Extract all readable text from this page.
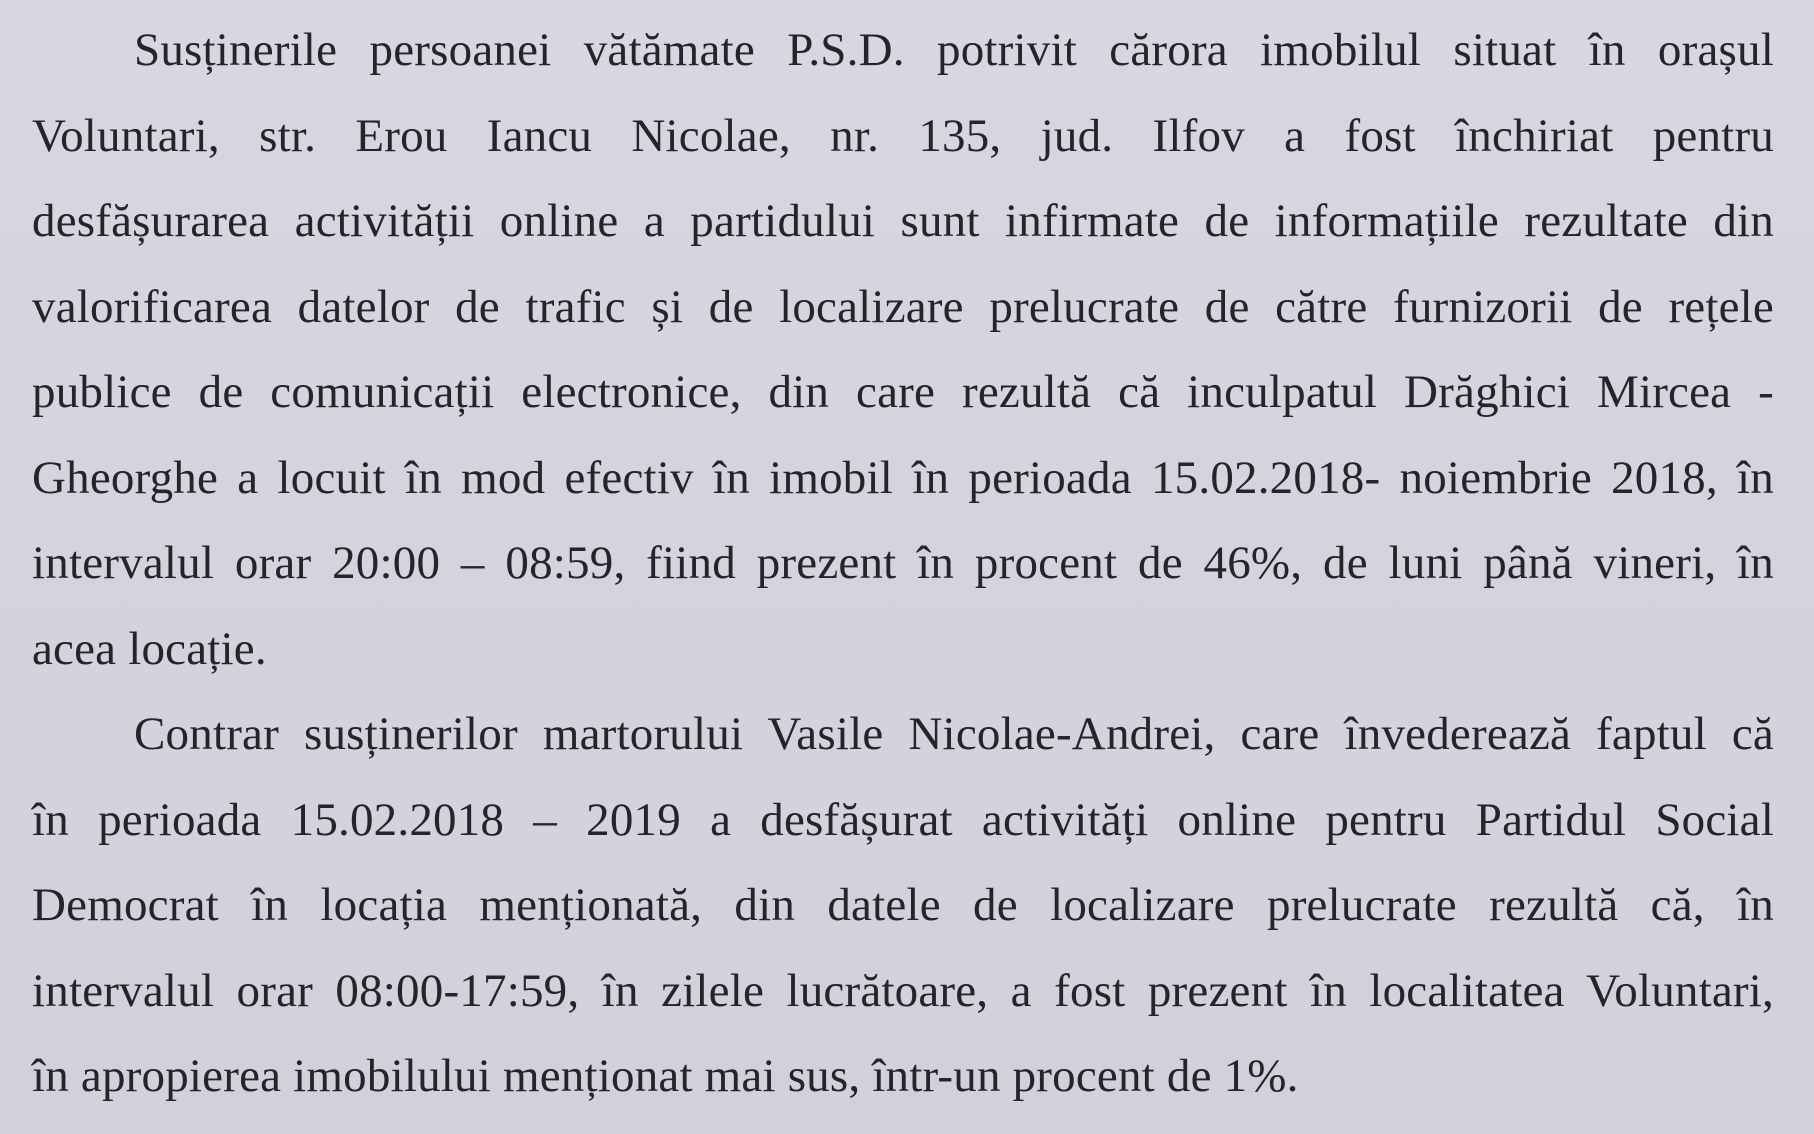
Susținerile persoanei vătămate P.S.D. potrivit cărora imobilul situat în orașul
Voluntari, str. Erou Iancu Nicolae, nr. 135, jud. Ilfov a fost închiriat pentru
desfășurarea activității online a partidului sunt infirmate de informațiile rezultate din
valorificarea datelor de trafic și de localizare prelucrate de către furnizorii de rețele
publice de comunicații electronice, din care rezultă că inculpatul Drăghici Mircea -
Gheorghe a locuit în mod efectiv în imobil în perioada 15.02.2018- noiembrie 2018, în
intervalul orar 20:00 – 08:59, fiind prezent în procent de 46%, de luni până vineri, în
acea locație.
Contrar susținerilor martorului Vasile Nicolae-Andrei, care învederează faptul că
în perioada 15.02.2018 – 2019 a desfășurat activități online pentru Partidul Social
Democrat în locația menționată, din datele de localizare prelucrate rezultă că, în
intervalul orar 08:00-17:59, în zilele lucrătoare, a fost prezent în localitatea Voluntari,
în apropierea imobilului menționat mai sus, într-un procent de 1%.
